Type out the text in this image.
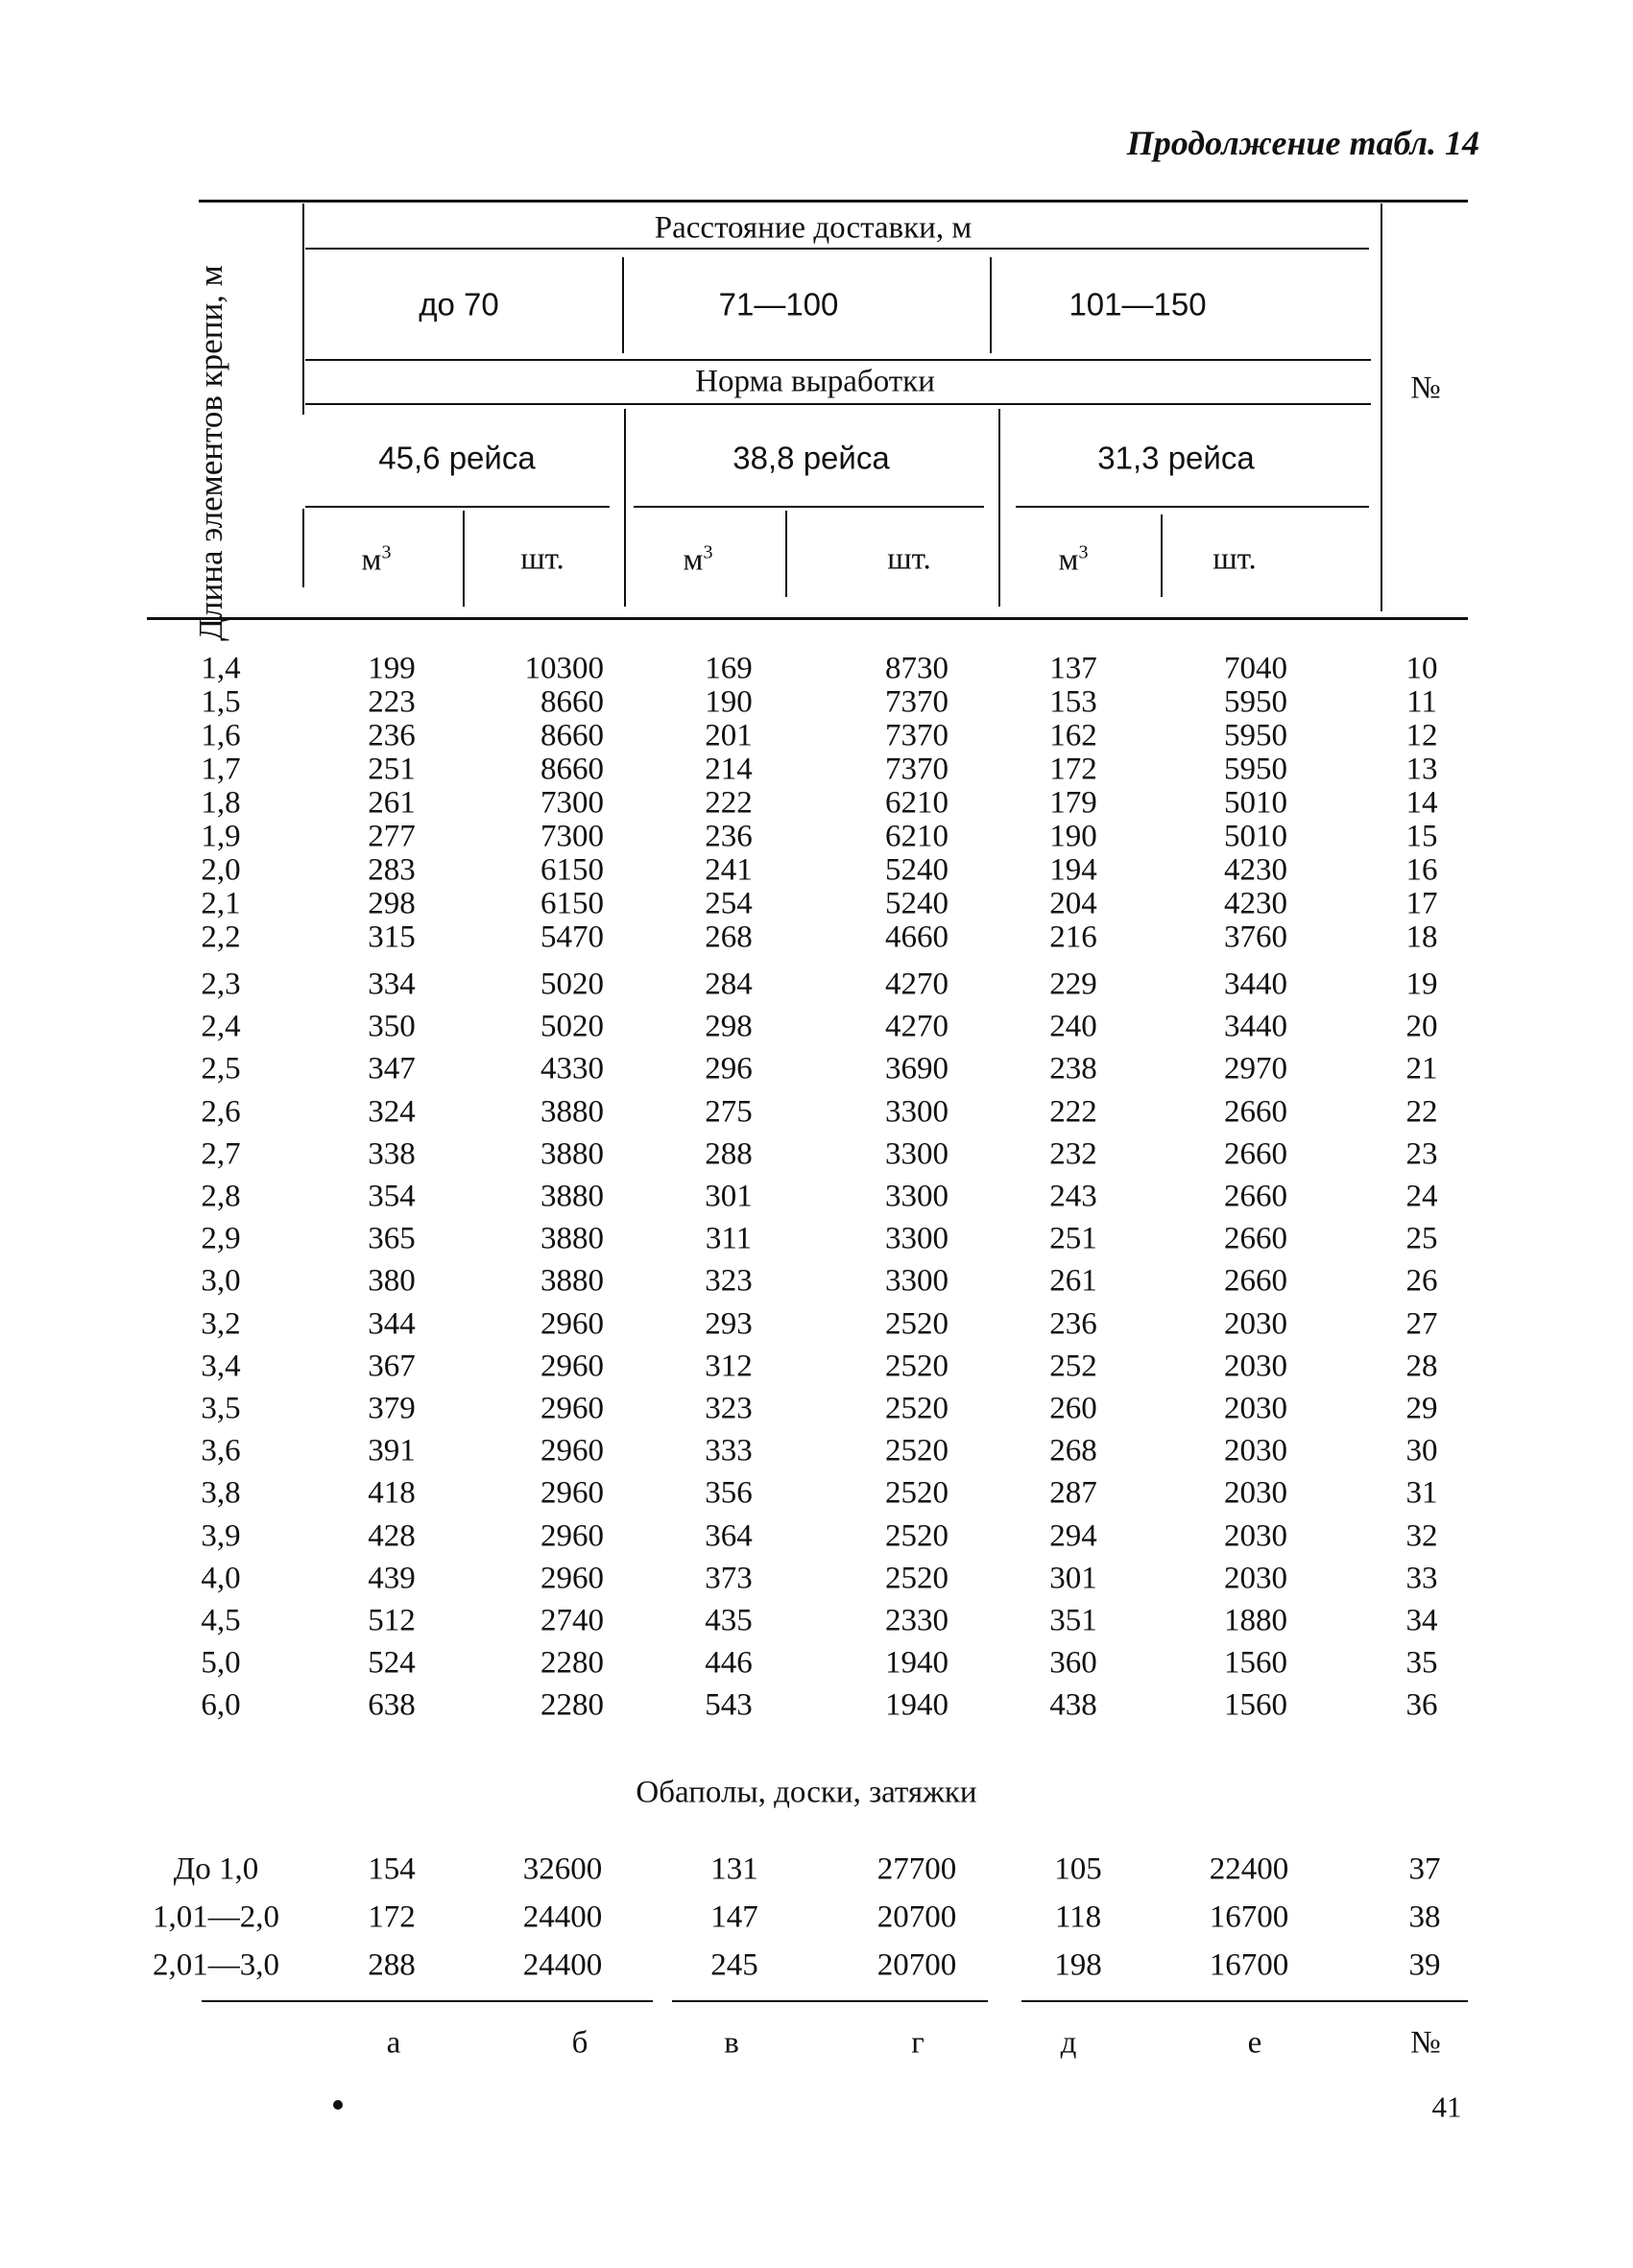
Продолжение табл. 14
Длина элементов крепи, м
Расстояние доставки, м
до 70	71—100	101—150
Норма выработки
45,6 рейса	38,8 рейса	31,3 рейса
$м^3$	шт.	$м^3$	шт.	$м^3$	шт.
№
1,4	199	10300	169	8730	137	7040	10
1,5	223	8660	190	7370	153	5950	11
1,6	236	8660	201	7370	162	5950	12
1,7	251	8660	214	7370	172	5950	13
1,8	261	7300	222	6210	179	5010	14
1,9	277	7300	236	6210	190	5010	15
2,0	283	6150	241	5240	194	4230	16
2,1	298	6150	254	5240	204	4230	17
2,2	315	5470	268	4660	216	3760	18
2,3	334	5020	284	4270	229	3440	19
2,4	350	5020	298	4270	240	3440	20
2,5	347	4330	296	3690	238	2970	21
2,6	324	3880	275	3300	222	2660	22
2,7	338	3880	288	3300	232	2660	23
2,8	354	3880	301	3300	243	2660	24
2,9	365	3880	311	3300	251	2660	25
3,0	380	3880	323	3300	261	2660	26
3,2	344	2960	293	2520	236	2030	27
3,4	367	2960	312	2520	252	2030	28
3,5	379	2960	323	2520	260	2030	29
3,6	391	2960	333	2520	268	2030	30
3,8	418	2960	356	2520	287	2030	31
3,9	428	2960	364	2520	294	2030	32
4,0	439	2960	373	2520	301	2030	33
4,5	512	2740	435	2330	351	1880	34
5,0	524	2280	446	1940	360	1560	35
6,0	638	2280	543	1940	438	1560	36
Обаполы, доски, затяжки
До 1,0	154	32600	131	27700	105	22400	37
1,01—2,0	172	24400	147	20700	118	16700	38
2,01—3,0	288	24400	245	20700	198	16700	39
а	б	в	г	д	е	№
41
